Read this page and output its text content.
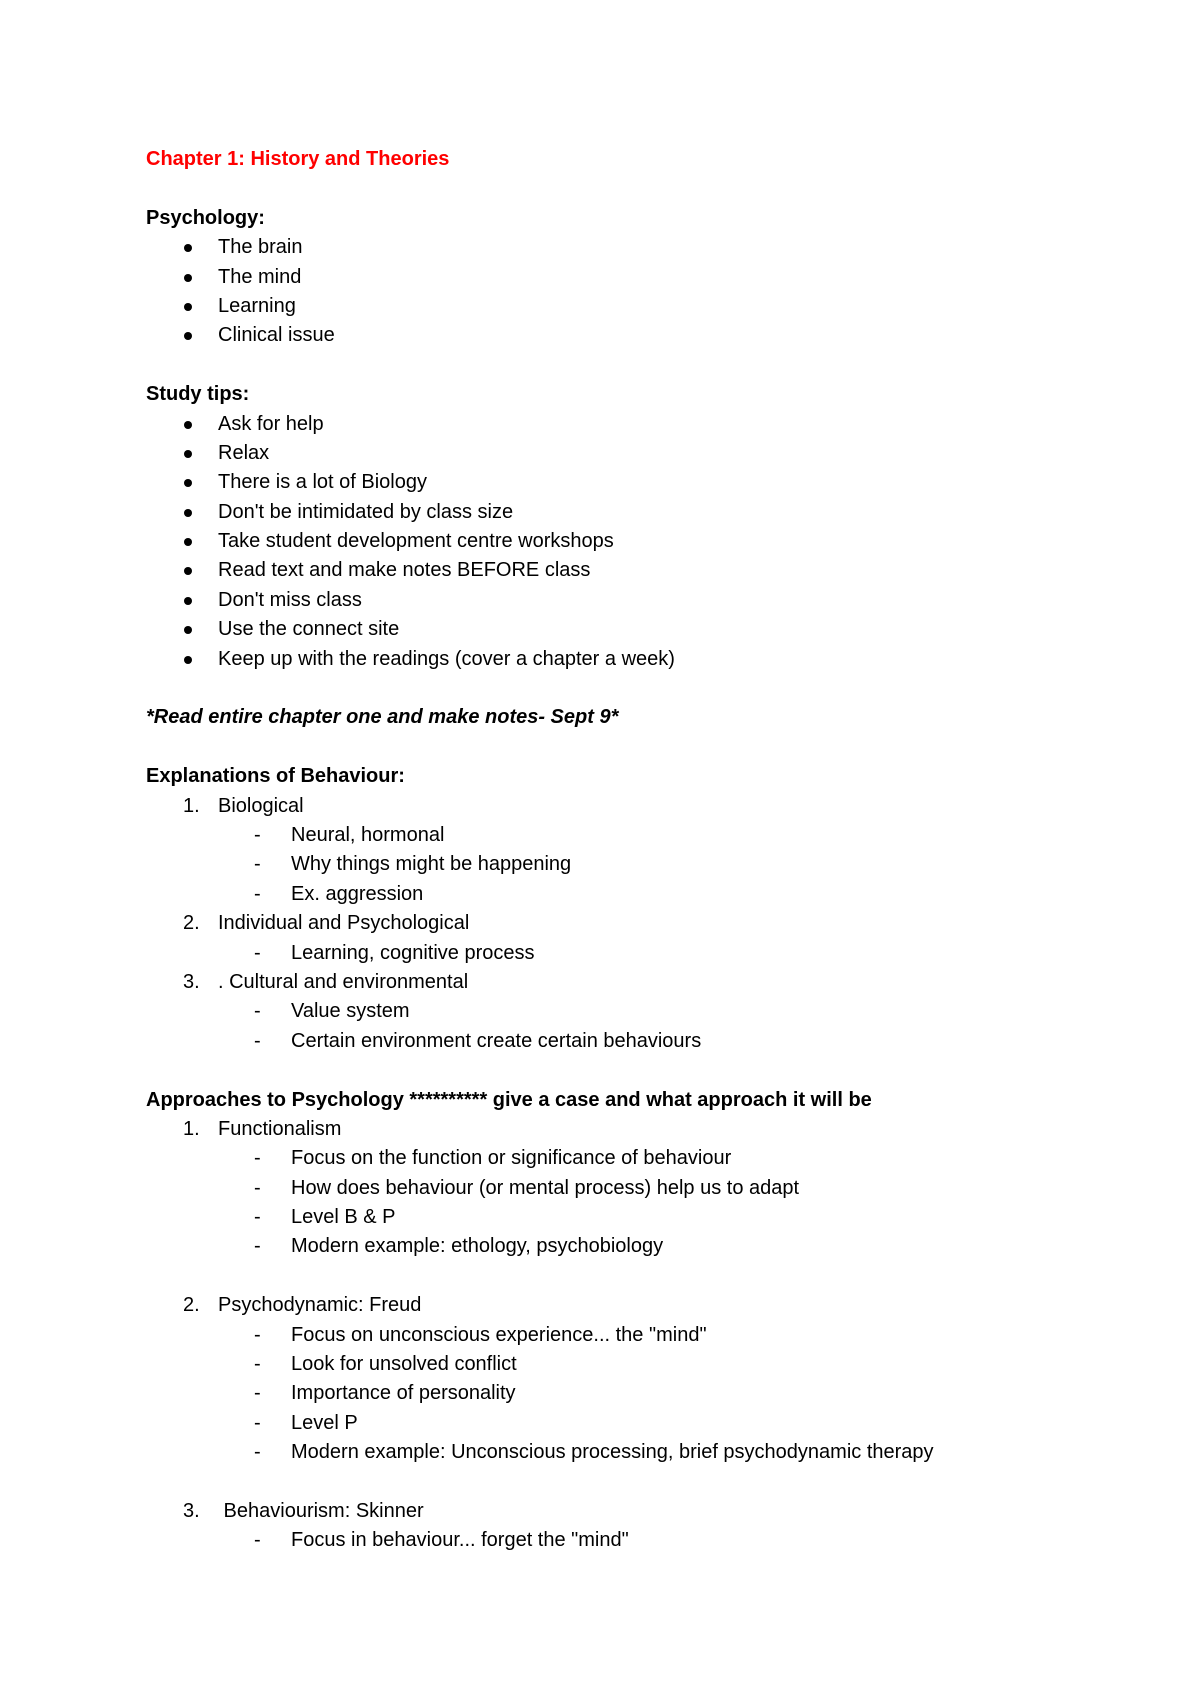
Chapter 1: History and Theories
Psychology:
The brain
The mind
Learning
Clinical issue
Study tips:
Ask for help
Relax
There is a lot of Biology
Don't be intimidated by class size
Take student development centre workshops
Read text and make notes BEFORE class
Don't miss class
Use the connect site
Keep up with the readings (cover a chapter a week)
*Read entire chapter one and make notes- Sept 9*
Explanations of Behaviour:
1. Biological
- Neural, hormonal
- Why things might be happening
- Ex. aggression
2. Individual and Psychological
- Learning, cognitive process
3. . Cultural and environmental
- Value system
- Certain environment create certain behaviours
Approaches to Psychology ********** give a case and what approach it will be
1. Functionalism
- Focus on the function or significance of behaviour
- How does behaviour (or mental process) help us to adapt
- Level B & P
- Modern example: ethology, psychobiology
2. Psychodynamic: Freud
- Focus on unconscious experience... the "mind"
- Look for unsolved conflict
- Importance of personality
- Level P
- Modern example: Unconscious processing, brief psychodynamic therapy
3. Behaviourism: Skinner
- Focus in behaviour... forget the "mind"
